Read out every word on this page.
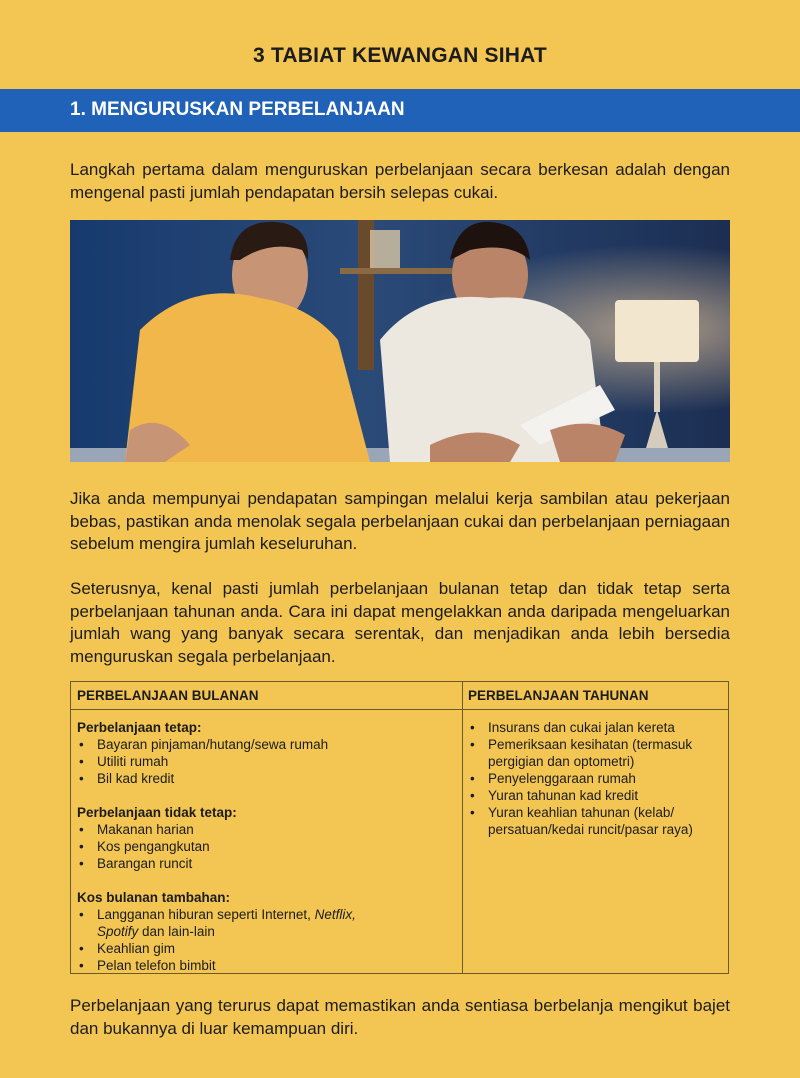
3 TABIAT KEWANGAN SIHAT
1. MENGURUSKAN PERBELANJAAN
Langkah pertama dalam menguruskan perbelanjaan secara berkesan adalah dengan mengenal pasti jumlah pendapatan bersih selepas cukai.
Jika anda mempunyai pendapatan sampingan melalui kerja sambilan atau pekerjaan bebas, pastikan anda menolak segala perbelanjaan cukai dan perbelanjaan perniagaan sebelum mengira jumlah keseluruhan.
Seterusnya, kenal pasti jumlah perbelanjaan bulanan tetap dan tidak tetap serta perbelanjaan tahunan anda. Cara ini dapat mengelakkan anda daripada mengeluarkan jumlah wang yang banyak secara serentak, dan menjadikan anda lebih bersedia menguruskan segala perbelanjaan.
PERBELANJAAN BULANAN	PERBELANJAAN TAHUNAN
Perbelanjaan tetap:
• Bayaran pinjaman/hutang/sewa rumah
• Utiliti rumah
• Bil kad kredit
Perbelanjaan tidak tetap:
• Makanan harian
• Kos pengangkutan
• Barangan runcit
Kos bulanan tambahan:
• Langganan hiburan seperti Internet, Netflix,
Spotify dan lain-lain
• Keahlian gim
• Pelan telefon bimbit
• Insurans dan cukai jalan kereta
• Pemeriksaan kesihatan (termasuk pergigian dan optometri)
• Penyelenggaraan rumah
• Yuran tahunan kad kredit
• Yuran keahlian tahunan (kelab/ persatuan/kedai runcit/pasar raya)
Perbelanjaan yang terurus dapat memastikan anda sentiasa berbelanja mengikut bajet dan bukannya di luar kemampuan diri.
